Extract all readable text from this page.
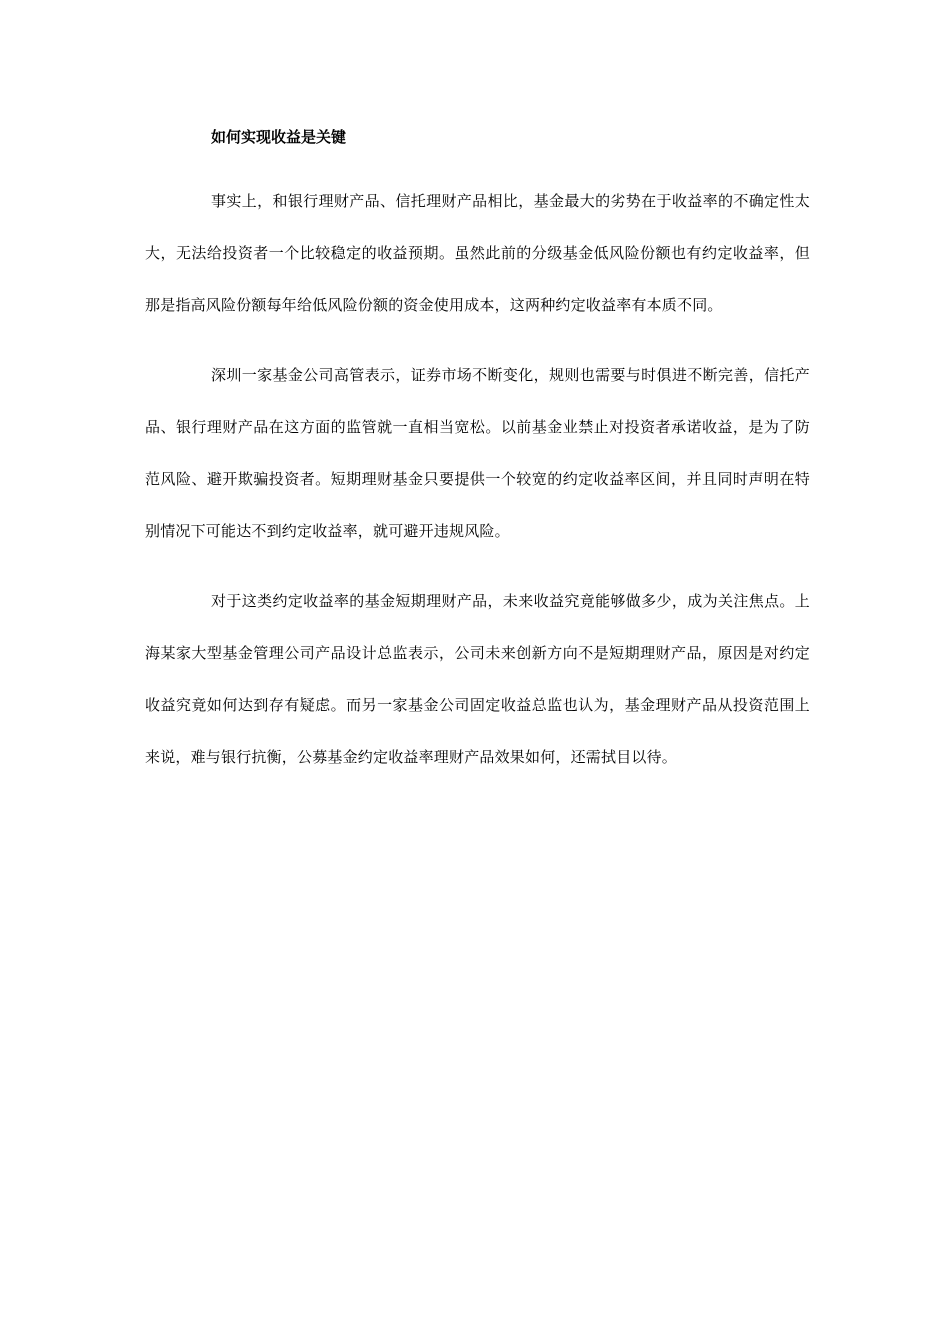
如何实现收益是关键

事实上，和银行理财产品、信托理财产品相比，基金最大的劣势在于收益率的不确定性太大，无法给投资者一个比较稳定的收益预期。虽然此前的分级基金低风险份额也有约定收益率，但那是指高风险份额每年给低风险份额的资金使用成本，这两种约定收益率有本质不同。

深圳一家基金公司高管表示，证券市场不断变化，规则也需要与时俱进不断完善，信托产品、银行理财产品在这方面的监管就一直相当宽松。以前基金业禁止对投资者承诺收益，是为了防范风险、避开欺骗投资者。短期理财基金只要提供一个较宽的约定收益率区间，并且同时声明在特别情况下可能达不到约定收益率，就可避开违规风险。

对于这类约定收益率的基金短期理财产品，未来收益究竟能够做多少，成为关注焦点。上海某家大型基金管理公司产品设计总监表示，公司未来创新方向不是短期理财产品，原因是对约定收益究竟如何达到存有疑虑。而另一家基金公司固定收益总监也认为，基金理财产品从投资范围上来说，难与银行抗衡，公募基金约定收益率理财产品效果如何，还需拭目以待。
